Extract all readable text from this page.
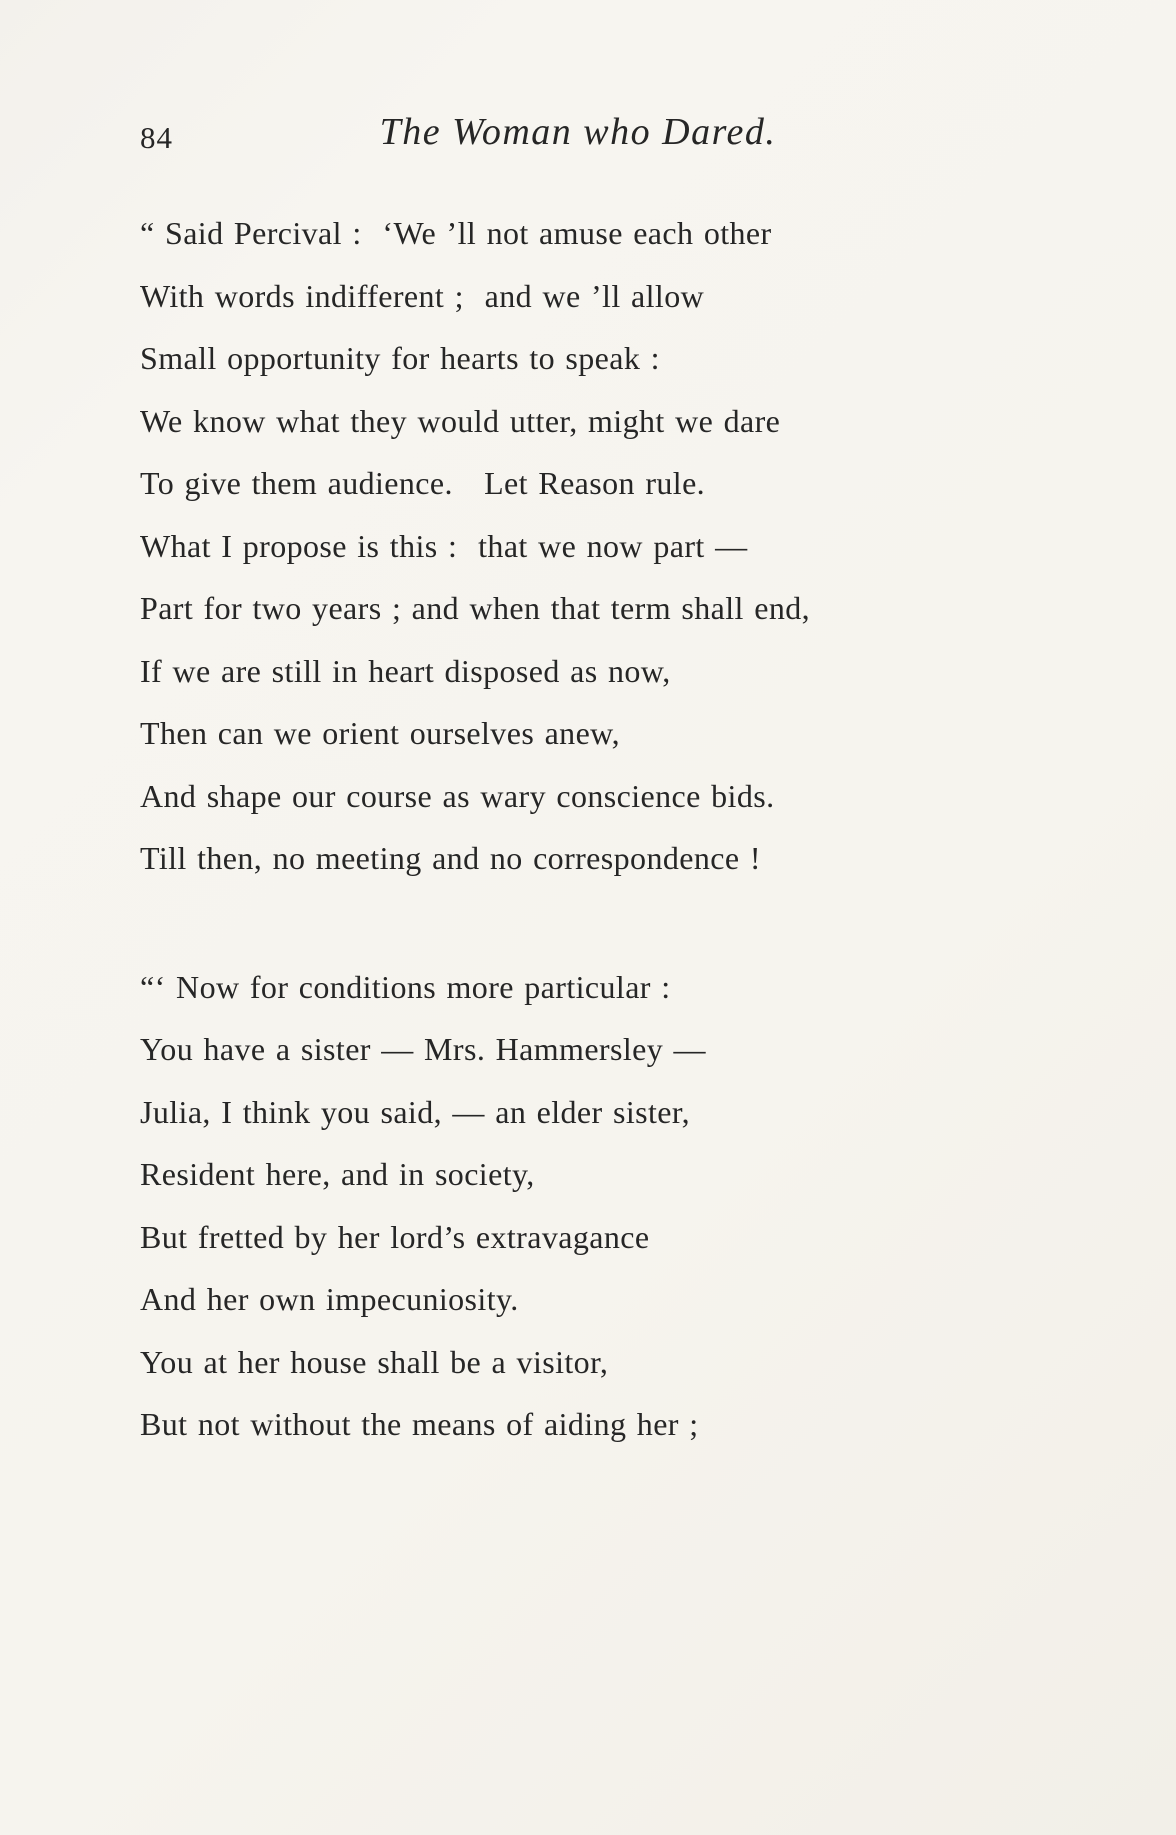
84	The Woman who Dared.

“ Said Percival :  ‘We ’ll not amuse each other

With words indifferent ;  and we ’ll allow

Small opportunity for hearts to speak :

We know what they would utter, might we dare

To give them audience.   Let Reason rule.

What I propose is this :  that we now part —

Part for two years ; and when that term shall end,

If we are still in heart disposed as now,

Then can we orient ourselves anew,

And shape our course as wary conscience bids.

Till then, no meeting and no correspondence !

“‘ Now for conditions more particular :

You have a sister — Mrs. Hammersley —

Julia, I think you said, — an elder sister,

Resident here, and in society,

But fretted by her lord’s extravagance

And her own impecuniosity.

You at her house shall be a visitor,

But not without the means of aiding her ;
